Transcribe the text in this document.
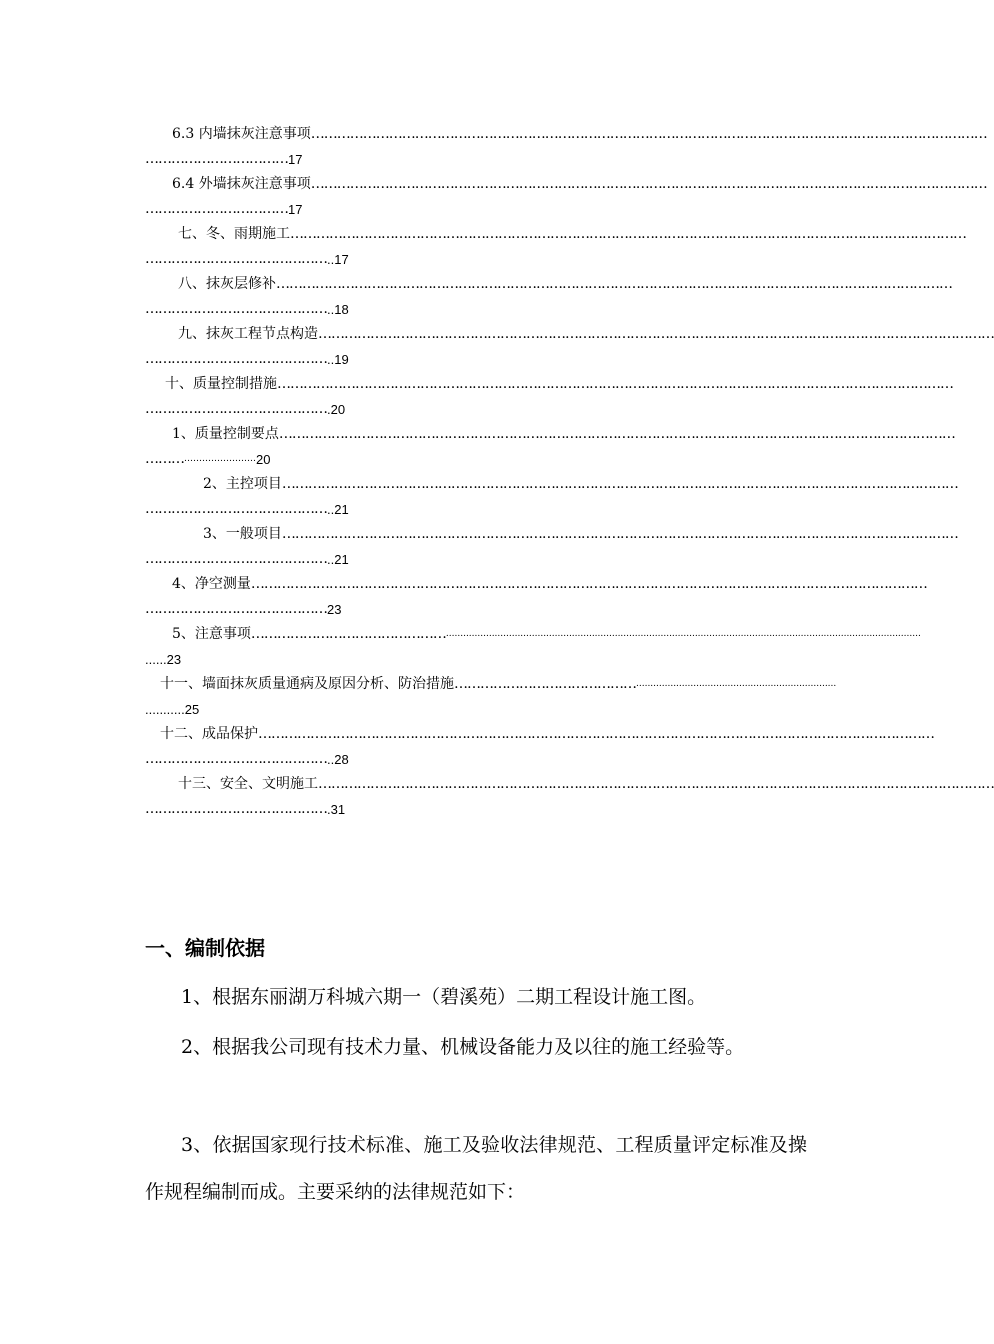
6.3 内墙抹灰注意事项 …………………………………………………………………………………………………………………………………………
…………………………… 17
6.4 外墙抹灰注意事项 …………………………………………………………………………………………………………………………………………
…………………………… 17
七、冬、雨期施工 …………………………………………………………………………………………………………………………………………
…………………………………… ..17
八、抹灰层修补 …………………………………………………………………………………………………………………………………………
…………………………………… ..18
九、抹灰工程节点构造 …………………………………………………………………………………………………………………………………………
…………………………………… ..19
十、质量控制措施 …………………………………………………………………………………………………………………………………………
…………………………………… .20
1、质量控制要点 …………………………………………………………………………………………………………………………………………
……… …………………… 20
2、主控项目 …………………………………………………………………………………………………………………………………………
…………………………………… ..21
3、一般项目 …………………………………………………………………………………………………………………………………………
…………………………………… ..21
4、净空测量 …………………………………………………………………………………………………………………………………………
…………………………………… 23
5、注意事项 ……………………………………… ......................................................................................................................................................................
......23
十一、墙面抹灰质量通病及原因分析、防治措施 …………………………………… ......................................................................
...........25
十二、成品保护 …………………………………………………………………………………………………………………………………………
…………………………………… ..28
十三、安全、文明施工 …………………………………………………………………………………………………………………………………………
…………………………………… .31
一、编制依据
1、根据东丽湖万科城六期一（碧溪苑）二期工程设计施工图。
2、根据我公司现有技术力量、机械设备能力及以往的施工经验等。
3、依据国家现行技术标准、施工及验收法律规范、工程质量评定标准及操作规程编制而成。主要采纳的法律规范如下：
